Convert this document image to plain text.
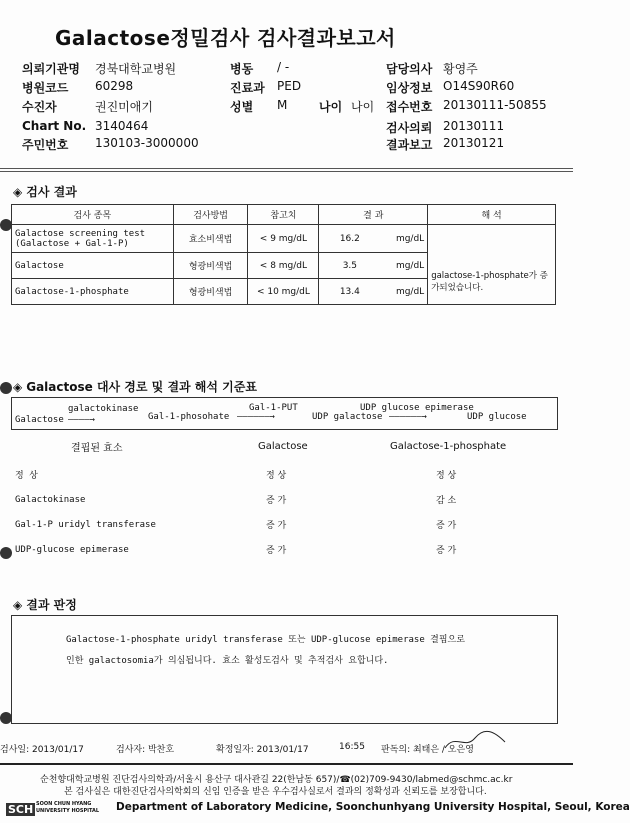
Galactose정밀검사 검사결과보고서
의뢰기관명 경북대학교병원	병동 / -	담당의사 황영주
병원코드 60298	진료과 PED	임상정보 O14S90R60
수진자	권진미애기	성별 M	나이 나이 접수번호 20130111-50855
Chart No. 3140464	검사의뢰 20130111
주민번호 130103-3000000	결과보고 20130121
◈ 검사 결과
검사 종목	검사방법	참고치	결 과	해 석
Galactose screening test
(Galactose + Gal-1-P)	효소비색법	< 9 mg/dL	16.2 mg/dL	galactose-1-phosphate가 증가되었습니다.
Galactose	형광비색법	< 8 mg/dL	3.5 mg/dL	

Galactose-1-phosphate	형광비색법	< 10 mg/dL	13.4 mg/dL	
◈ Galactose 대사 경로 및 결과 해석 기준표
galactokinase	Gal-1-PUT	UDP glucose epimerase
Galactose ————→	Gal-1-phosohate ——————→	UDP galactose ——————→	UDP glucose
결핍된 효소	Galactose	Galactose-1-phosphate
정 상	정 상	정 상
Galactokinase	증 가	감 소
Gal-1-P uridyl transferase	증 가	증 가
UDP-glucose epimerase	증 가	증 가
◈ 결과 판정
Galactose-1-phosphate uridyl transferase 또는 UDP-glucose epimerase 결핍으로
인한 galactosomia가 의심됩니다. 효소 활성도검사 및 추적검사 요합니다.
검사일: 2013/01/17	검사자: 박찬호	확정일자: 2013/01/17	16:55 판독의: 최태은 / 오은영
순천향대학교병원 진단검사의학과/서울시 용산구 대사관길 22(한남동 657)/☎(02)709-9430/labmed@schmc.ac.kr
본 검사실은 대한진단검사의학회의 신임 인증을 받은 우수검사실로서 결과의 정확성과 신뢰도를 보장합니다.
SCH SOON CHUN HYANG
UNIVERSITY HOSPITAL Department of Laboratory Medicine, Soonchunhyang University Hospital, Seoul, Korea
